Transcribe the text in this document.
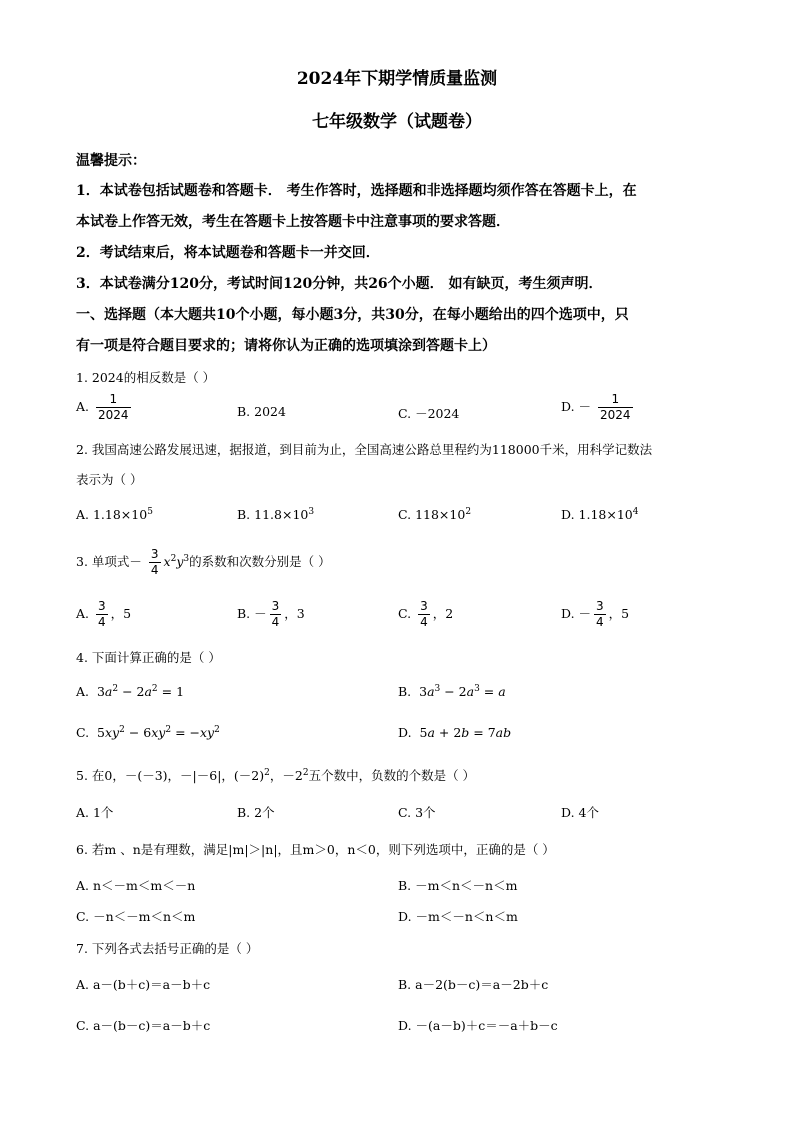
2024年下期学情质量监测
七年级数学（试题卷）
温馨提示：
1．本试卷包括试题卷和答题卡． 考生作答时，选择题和非选择题均须作答在答题卡上，在
本试卷上作答无效，考生在答题卡上按答题卡中注意事项的要求答题．
2．考试结束后，将本试题卷和答题卡一并交回．
3．本试卷满分120分，考试时间120分钟，共26个小题． 如有缺页，考生须声明．
一、选择题（本大题共10个小题，每小题3分，共30分，在每小题给出的四个选项中，只
有一项是符合题目要求的；请将你认为正确的选项填涂到答题卡上）
1. 2024的相反数是（ ）
A. $\frac{1}{2024}$	B. 2024	C. －2024	D. － $\frac{1}{2024}$
2. 我国高速公路发展迅速，据报道，到目前为止，全国高速公路总里程约为118000千米，用科学记数法
表示为（ ）
A. $1.18\times 10^5$	B. $11.8\times 10^3$	C. $118\times 10^2$	D. $1.18\times 10^4$
3. 单项式－ $\frac{3}{4} x^2y^3$的系数和次数分别是（ ）
A. $\frac{3}{4}$ ，5	B. － $\frac{3}{4}$ ，3	C. $\frac{3}{4}$ ，2	D. － $\frac{3}{4}$ ，5
4. 下面计算正确的是（ ）
A.  $3a^2 - 2a^2 = 1$	B.  $3a^3 - 2a^3 = a$
C.  $5xy^2 - 6xy^2 = -xy^2$	D.  5a + 2b = 7ab
5. 在0，－(－3)，－|－6|，$(-2)^2$，$-2^2$五个数中，负数的个数是（ ）
A. 1个	B. 2个	C. 3个	D. 4个
6. 若m 、n是有理数，满足|m|＞|n|，且m＞0，n＜0，则下列选项中，正确的是（ ）
A. n＜－m＜m＜－n	B. －m＜n＜－n＜m
C. －n＜－m＜n＜m	D. －m＜－n＜n＜m
7. 下列各式去括号正确的是（ ）
A. a－(b＋c)＝a－b＋c	B. a－2(b－c)＝a－2b＋c
C. a－(b－c)＝a－b＋c	D. －(a－b)＋c＝－a＋b－c
